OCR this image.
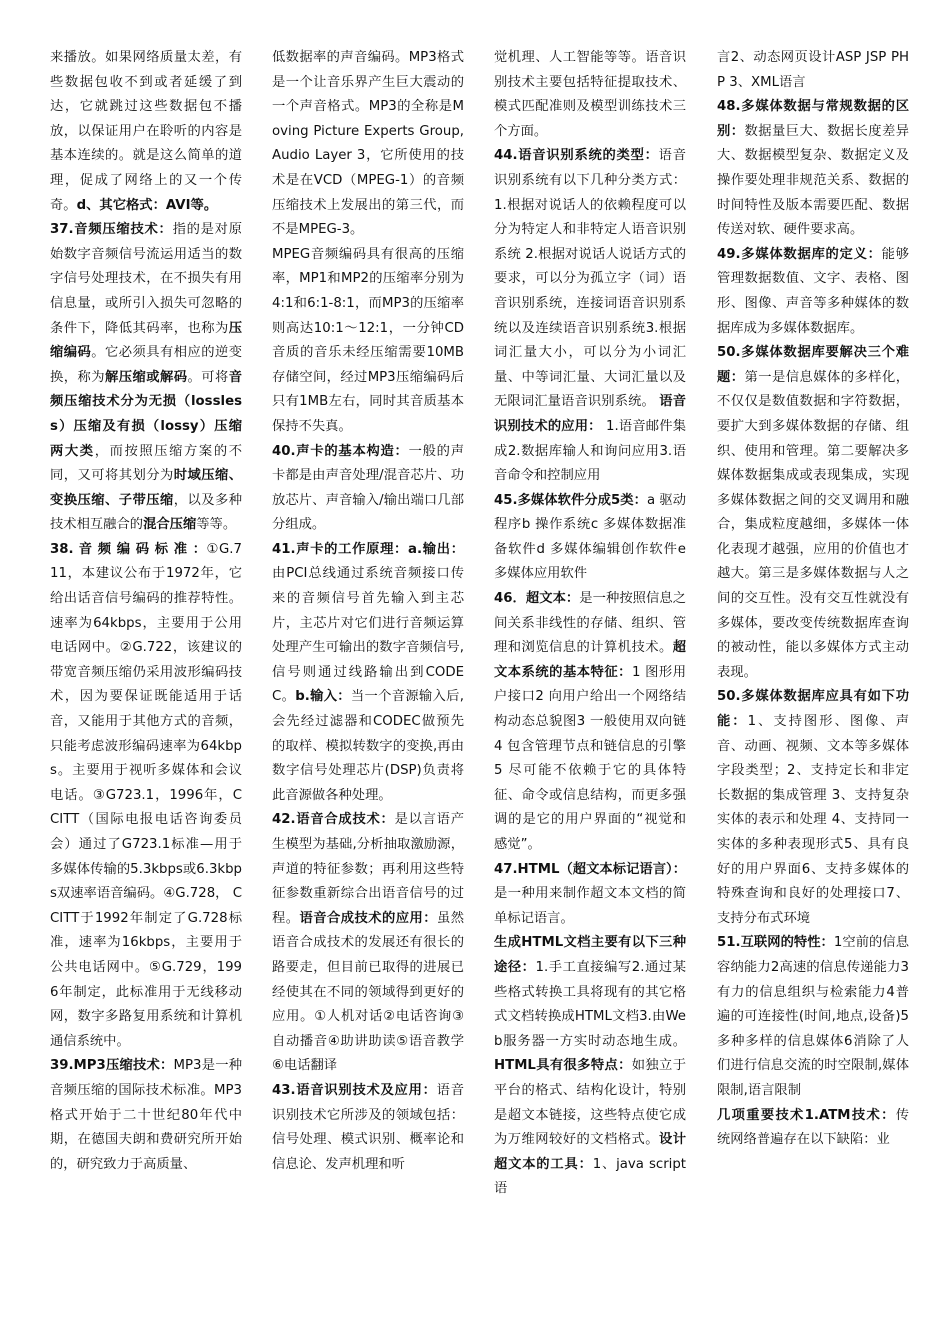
来播放。如果网络质量太差，有些数据包收不到或者延缓了到达，它就跳过这些数据包不播放，以保证用户在聆听的内容是基本连续的。就是这么简单的道理，促成了网络上的又一个传奇。d、其它格式：AVI等。

37.音频压缩技术：指的是对原始数字音频信号流运用适当的数字信号处理技术，在不损失有用信息量，或所引入损失可忽略的条件下，降低其码率，也称为压缩编码。它必须具有相应的逆变换，称为解压缩或解码。可将音频压缩技术分为无损（lossless）压缩及有损（lossy）压缩两大类，而按照压缩方案的不同，又可将其划分为时域压缩、变换压缩、子带压缩，以及多种技术相互融合的混合压缩等等。

38. 音 频 编 码 标 准 ：①G.711，本建议公布于1972年，它给出话音信号编码的推荐特性。速率为64kbps，主要用于公用电话网中。②G.722，该建议的带宽音频压缩仍采用波形编码技术，因为要保证既能适用于话音，又能用于其他方式的音频，只能考虑波形编码速率为64kbps。主要用于视听多媒体和会议电话。③G723.1，1996年，CCITT（国际电报电话咨询委员会）通过了G723.1标准—用于多媒体传输的5.3kbps或6.3kbps双速率语音编码。④G.728， CCITT于1992年制定了G.728标准，速率为16kbps，主要用于公共电话网中。⑤G.729，1996年制定，此标准用于无线移动网，数字多路复用系统和计算机通信系统中。

39.MP3压缩技术：MP3是一种音频压缩的国际技术标准。MP3格式开始于二十世纪80年代中期，在德国夫朗和费研究所开始的，研究致力于高质量、

低数据率的声音编码。MP3格式是一个让音乐界产生巨大震动的一个声音格式。MP3的全称是Moving Picture Experts Group, Audio Layer 3，它所使用的技术是在VCD（MPEG-1）的音频压缩技术上发展出的第三代，而不是MPEG-3。

MPEG音频编码具有很高的压缩率，MP1和MP2的压缩率分别为4:1和6:1-8:1，而MP3的压缩率则高达10:1～12:1，一分钟CD音质的音乐未经压缩需要10MB存储空间，经过MP3压缩编码后只有1MB左右，同时其音质基本保持不失真。

40.声卡的基本构造：一般的声卡都是由声音处理/混音芯片、功放芯片、声音输入/输出端口几部分组成。

41.声卡的工作原理：a.输出：由PCI总线通过系统音频接口传来的音频信号首先输入到主芯片，主芯片对它们进行音频运算处理产生可输出的数字音频信号,信号则通过线路输出到CODEC。b.输入：当一个音源输入后,会先经过滤器和CODEC做预先的取样、模拟转数字的变换,再由数字信号处理芯片(DSP)负责将此音源做各种处理。

42.语音合成技术：是以言语产生模型为基础,分析抽取激励源，声道的特征参数；再利用这些特征参数重新综合出语音信号的过程。语音合成技术的应用：虽然语音合成技术的发展还有很长的路要走，但目前已取得的进展已经使其在不同的领域得到更好的应用。①人机对话②电话咨询③自动播音④助讲助读⑤语音教学⑥电话翻译

43.语音识别技术及应用：语音识别技术它所涉及的领域包括：信号处理、模式识别、概率论和信息论、发声机理和听

觉机理、人工智能等等。语音识别技术主要包括特征提取技术、模式匹配准则及模型训练技术三个方面。

44.语音识别系统的类型：语音识别系统有以下几种分类方式： 1.根据对说话人的依赖程度可以分为特定人和非特定人语音识别系统 2.根据对说话人说话方式的要求，可以分为孤立字（词）语音识别系统，连接词语音识别系统以及连续语音识别系统3.根据词汇量大小，可以分为小词汇量、中等词汇量、大词汇量以及无限词汇量语音识别系统。 语音识别技术的应用： 1.语音邮件集成2.数据库输人和询问应用3.语音命令和控制应用

45.多媒体软件分成5类：a 驱动程序b 操作系统c 多媒体数据准备软件d 多媒体编辑创作软件e 多媒体应用软件

46．超文本：是一种按照信息之间关系非线性的存储、组织、管理和浏览信息的计算机技术。超文本系统的基本特征：1 图形用户接口2 向用户给出一个网络结构动态总貌图3 一般使用双向链4 包含管理节点和链信息的引擎5 尽可能不依赖于它的具体特征、命令或信息结构，而更多强调的是它的用户界面的“视觉和感觉”。

47.HTML（超文本标记语言）：是一种用来制作超文本文档的简单标记语言。

生成HTML文档主要有以下三种途径：1.手工直接编写2.通过某些格式转换工具将现有的其它格式文档转换成HTML文档3.由Web服务器一方实时动态地生成。HTML具有很多特点：如独立于平台的格式、结构化设计，特别是超文本链接，这些特点使它成为万维网较好的文档格式。设计超文本的工具：1、java script 语

言2、动态网页设计ASP JSP PHP 3、XML语言

48.多媒体数据与常规数据的区别：数据量巨大、数据长度差异大、数据模型复杂、数据定义及操作要处理非规范关系、数据的时间特性及版本需要匹配、数据传送对软、硬件要求高。

49.多媒体数据库的定义：能够管理数据数值、文字、表格、图形、图像、声音等多种媒体的数据库成为多媒体数据库。

50.多媒体数据库要解决三个难题：第一是信息媒体的多样化，不仅仅是数值数据和字符数据，要扩大到多媒体数据的存储、组织、使用和管理。第二要解决多媒体数据集成或表现集成，实现多媒体数据之间的交叉调用和融合，集成粒度越细，多媒体一体化表现才越强，应用的价值也才越大。第三是多媒体数据与人之间的交互性。没有交互性就没有多媒体，要改变传统数据库查询的被动性，能以多媒体方式主动表现。

50.多媒体数据库应具有如下功能：1、支持图形、图像、声音、动画、视频、文本等多媒体字段类型；2、支持定长和非定长数据的集成管理 3、支持复杂实体的表示和处理 4、支持同一实体的多种表现形式5、具有良好的用户界面6、支持多媒体的特殊查询和良好的处理接口7、支持分布式环境

51.互联网的特性：1空前的信息容纳能力2高速的信息传递能力3有力的信息组织与检索能力4普遍的可连接性(时间,地点,设备)5多种多样的信息媒体6消除了人们进行信息交流的时空限制,媒体限制,语言限制

几项重要技术1.ATM技术：传统网络普遍存在以下缺陷：业
